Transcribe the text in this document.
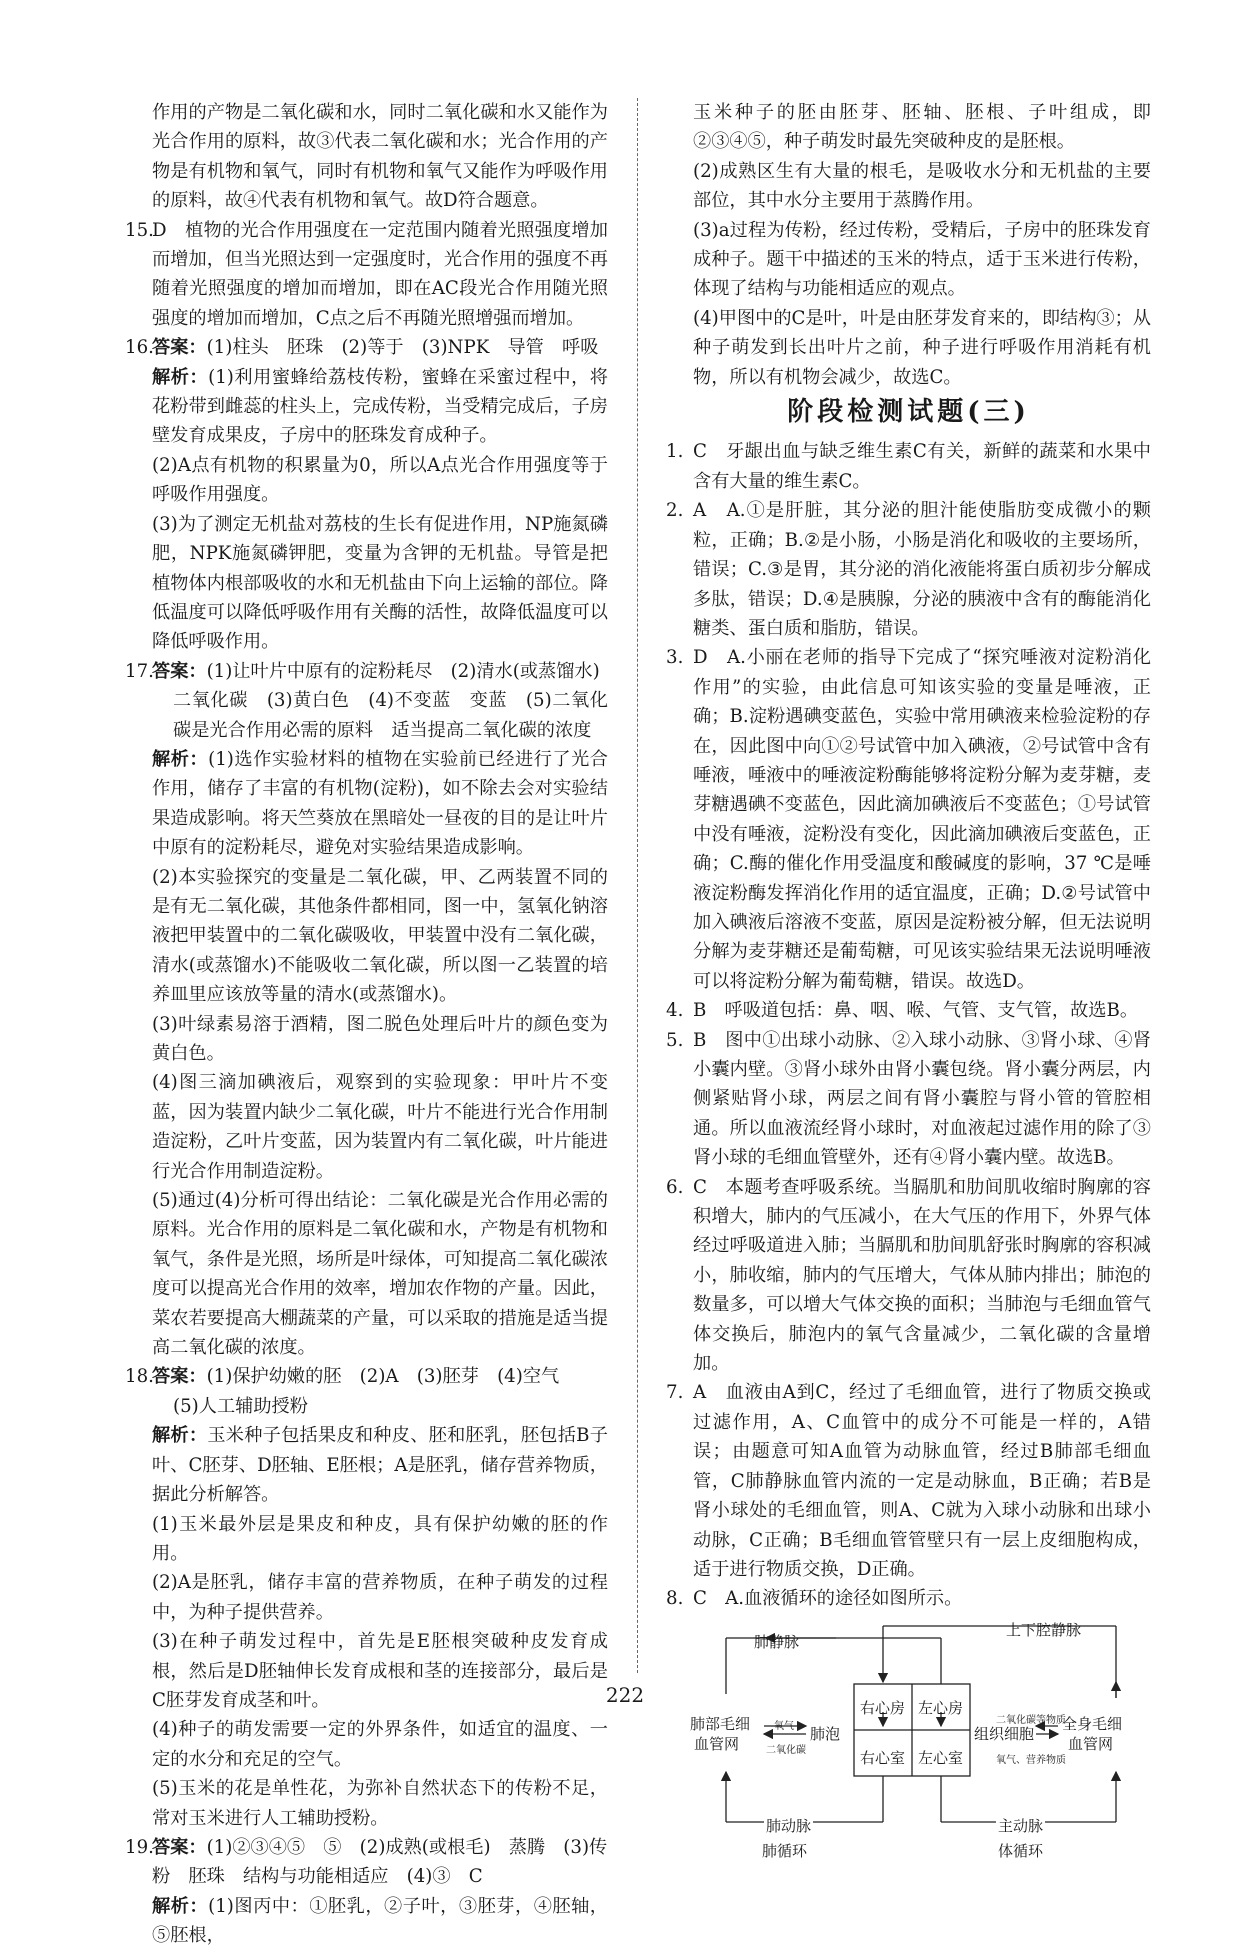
作用的产物是二氧化碳和水，同时二氧化碳和水又能作为光合作用的原料，故③代表二氧化碳和水；光合作用的产物是有机物和氧气，同时有机物和氧气又能作为呼吸作用的原料，故④代表有机物和氧气。故D符合题意。

15.
D　植物的光合作用强度在一定范围内随着光照强度增加而增加，但当光照达到一定强度时，光合作用的强度不再随着光照强度的增加而增加，即在AC段光合作用随光照强度的增加而增加，C点之后不再随光照增强而增加。
16.
答案：(1)柱头　胚珠　(2)等于　(3)NPK　导管　呼吸

解析：(1)利用蜜蜂给荔枝传粉，蜜蜂在采蜜过程中，将花粉带到雌蕊的柱头上，完成传粉，当受精完成后，子房壁发育成果皮，子房中的胚珠发育成种子。

(2)A点有机物的积累量为0，所以A点光合作用强度等于呼吸作用强度。

(3)为了测定无机盐对荔枝的生长有促进作用，NP施氮磷肥，NPK施氮磷钾肥，变量为含钾的无机盐。导管是把植物体内根部吸收的水和无机盐由下向上运输的部位。降低温度可以降低呼吸作用有关酶的活性，故降低温度可以降低呼吸作用。

17.
答案：(1)让叶片中原有的淀粉耗尽　(2)清水(或蒸馏水)

二氧化碳　(3)黄白色　(4)不变蓝　变蓝　(5)二氧化碳是光合作用必需的原料　适当提高二氧化碳的浓度

解析：(1)选作实验材料的植物在实验前已经进行了光合作用，储存了丰富的有机物(淀粉)，如不除去会对实验结果造成影响。将天竺葵放在黑暗处一昼夜的目的是让叶片中原有的淀粉耗尽，避免对实验结果造成影响。

(2)本实验探究的变量是二氧化碳，甲、乙两装置不同的是有无二氧化碳，其他条件都相同，图一中，氢氧化钠溶液把甲装置中的二氧化碳吸收，甲装置中没有二氧化碳，清水(或蒸馏水)不能吸收二氧化碳，所以图一乙装置的培养皿里应该放等量的清水(或蒸馏水)。

(3)叶绿素易溶于酒精，图二脱色处理后叶片的颜色变为黄白色。

(4)图三滴加碘液后，观察到的实验现象：甲叶片不变蓝，因为装置内缺少二氧化碳，叶片不能进行光合作用制造淀粉，乙叶片变蓝，因为装置内有二氧化碳，叶片能进行光合作用制造淀粉。

(5)通过(4)分析可得出结论：二氧化碳是光合作用必需的原料。光合作用的原料是二氧化碳和水，产物是有机物和氧气，条件是光照，场所是叶绿体，可知提高二氧化碳浓度可以提高光合作用的效率，增加农作物的产量。因此，菜农若要提高大棚蔬菜的产量，可以采取的措施是适当提高二氧化碳的浓度。

18.
答案：(1)保护幼嫩的胚　(2)A　(3)胚芽　(4)空气

(5)人工辅助授粉

解析：玉米种子包括果皮和种皮、胚和胚乳，胚包括B子叶、C胚芽、D胚轴、E胚根；A是胚乳，储存营养物质，据此分析解答。

(1)玉米最外层是果皮和种皮，具有保护幼嫩的胚的作用。

(2)A是胚乳，储存丰富的营养物质，在种子萌发的过程中，为种子提供营养。

(3)在种子萌发过程中，首先是E胚根突破种皮发育成根，然后是D胚轴伸长发育成根和茎的连接部分，最后是C胚芽发育成茎和叶。

(4)种子的萌发需要一定的外界条件，如适宜的温度、一定的水分和充足的空气。

(5)玉米的花是单性花，为弥补自然状态下的传粉不足，常对玉米进行人工辅助授粉。

19.
答案：(1)②③④⑤　⑤　(2)成熟(或根毛)　蒸腾　(3)传

粉　胚珠　结构与功能相适应　(4)③　C

解析：(1)图丙中：①胚乳，②子叶，③胚芽，④胚轴，⑤胚根，

玉米种子的胚由胚芽、胚轴、胚根、子叶组成，即②③④⑤，种子萌发时最先突破种皮的是胚根。

(2)成熟区生有大量的根毛，是吸收水分和无机盐的主要部位，其中水分主要用于蒸腾作用。

(3)a过程为传粉，经过传粉，受精后，子房中的胚珠发育成种子。题干中描述的玉米的特点，适于玉米进行传粉，体现了结构与功能相适应的观点。

(4)甲图中的C是叶，叶是由胚芽发育来的，即结构③；从种子萌发到长出叶片之前，种子进行呼吸作用消耗有机物，所以有机物会减少，故选C。

阶段检测试题(三)
1. C　牙龈出血与缺乏维生素C有关，新鲜的蔬菜和水果中含有大量的维生素C。
2. A　A.①是肝脏，其分泌的胆汁能使脂肪变成微小的颗粒，正确；B.②是小肠，小肠是消化和吸收的主要场所，错误；C.③是胃，其分泌的消化液能将蛋白质初步分解成多肽，错误；D.④是胰腺，分泌的胰液中含有的酶能消化糖类、蛋白质和脂肪，错误。
3. D　A.小丽在老师的指导下完成了“探究唾液对淀粉消化作用”的实验，由此信息可知该实验的变量是唾液，正确；B.淀粉遇碘变蓝色，实验中常用碘液来检验淀粉的存在，因此图中向①②号试管中加入碘液，②号试管中含有唾液，唾液中的唾液淀粉酶能够将淀粉分解为麦芽糖，麦芽糖遇碘不变蓝色，因此滴加碘液后不变蓝色；①号试管中没有唾液，淀粉没有变化，因此滴加碘液后变蓝色，正确；C.酶的催化作用受温度和酸碱度的影响，37 ℃是唾液淀粉酶发挥消化作用的适宜温度，正确；D.②号试管中加入碘液后溶液不变蓝，原因是淀粉被分解，但无法说明分解为麦芽糖还是葡萄糖，可见该实验结果无法说明唾液可以将淀粉分解为葡萄糖，错误。故选D。
4. B　呼吸道包括：鼻、咽、喉、气管、支气管，故选B。
5. B　图中①出球小动脉、②入球小动脉、③肾小球、④肾小囊内壁。③肾小球外由肾小囊包绕。肾小囊分两层，内侧紧贴肾小球，两层之间有肾小囊腔与肾小管的管腔相通。所以血液流经肾小球时，对血液起过滤作用的除了③肾小球的毛细血管壁外，还有④肾小囊内壁。故选B。
6. C　本题考查呼吸系统。当膈肌和肋间肌收缩时胸廓的容积增大，肺内的气压减小，在大气压的作用下，外界气体经过呼吸道进入肺；当膈肌和肋间肌舒张时胸廓的容积减小，肺收缩，肺内的气压增大，气体从肺内排出；肺泡的数量多，可以增大气体交换的面积；当肺泡与毛细血管气体交换后，肺泡内的氧气含量减少，二氧化碳的含量增加。
7. A　血液由A到C，经过了毛细血管，进行了物质交换或过滤作用，A、C血管中的成分不可能是一样的，A错误；由题意可知A血管为动脉血管，经过B肺部毛细血管，C肺静脉血管内流的一定是动脉血，B正确；若B是肾小球处的毛细血管，则A、C就为入球小动脉和出球小动脉，C正确；B毛细血管管壁只有一层上皮细胞构成，适于进行物质交换，D正确。
8. C　A.血液循环的途径如图所示。
肺静脉
上下腔静脉
右心房 左心房
右心室 左心室
肺部毛细
血管网
氧气
二氧化碳
肺泡
二氧化碳等物质
组织细胞
全身毛细
血管网
氧气、营养物质
肺动脉	主动脉
肺循环	体循环
222
